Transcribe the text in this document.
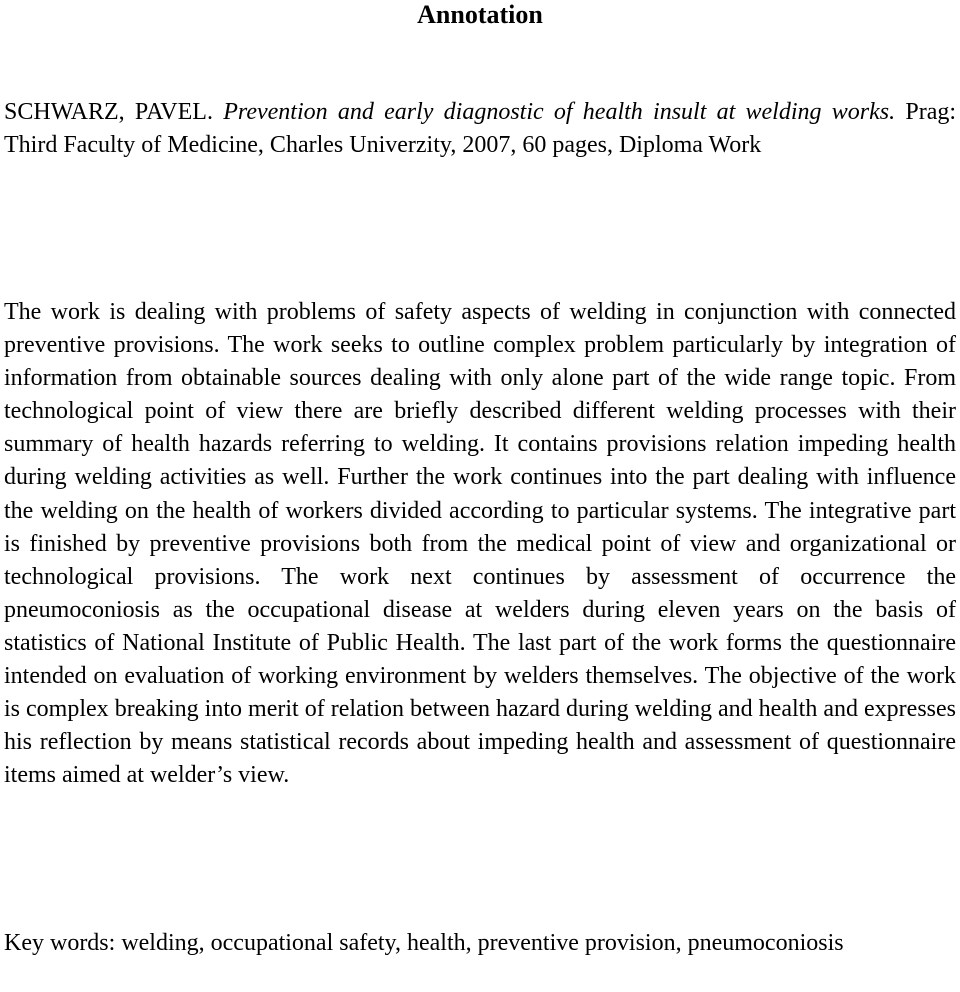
Annotation
SCHWARZ, PAVEL. Prevention and early diagnostic of health insult at welding works. Prag: Third Faculty of Medicine, Charles Univerzity, 2007, 60 pages, Diploma Work

The work is dealing with problems of safety aspects of welding in conjunction with connected preventive provisions. The work seeks to outline complex problem particularly by integration of information from obtainable sources dealing with only alone part of the wide range topic. From technological point of view there are briefly described different welding processes with their summary of health hazards referring to welding. It contains provisions relation impeding health during welding activities as well. Further the work continues into the part dealing with influence the welding on the health of workers divided according to particular systems. The integrative part is finished by preventive provisions both from the medical point of view and organizational or technological provisions. The work next continues by assessment of occurrence the pneumoconiosis as the occupational disease at welders during eleven years on the basis of statistics of National Institute of Public Health. The last part of the work forms the questionnaire intended on evaluation of working environment by welders themselves. The objective of the work is complex breaking into merit of relation between hazard during welding and health and expresses his reflection by means statistical records about impeding health and assessment of questionnaire items aimed at welder’s view.

Key words: welding, occupational safety, health, preventive provision, pneumoconiosis
